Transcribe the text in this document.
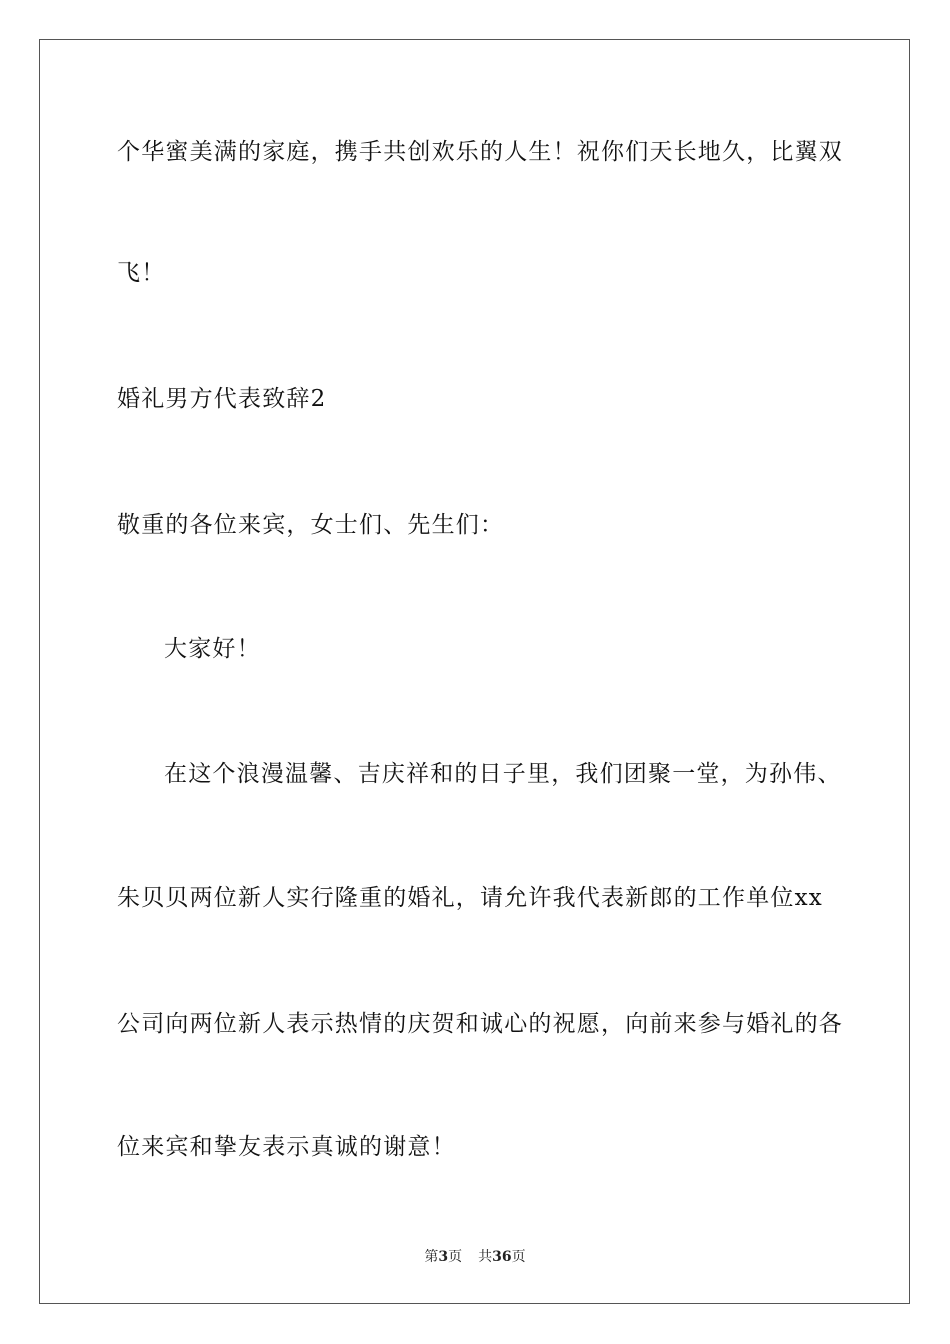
个华蜜美满的家庭，携手共创欢乐的人生！祝你们天长地久，比翼双
飞！
婚礼男方代表致辞2
敬重的各位来宾，女士们、先生们：
大家好！
在这个浪漫温馨、吉庆祥和的日子里，我们团聚一堂，为孙伟、
朱贝贝两位新人实行隆重的婚礼，请允许我代表新郎的工作单位xx
公司向两位新人表示热情的庆贺和诚心的祝愿，向前来参与婚礼的各
位来宾和挚友表示真诚的谢意！
第3页 共36页
